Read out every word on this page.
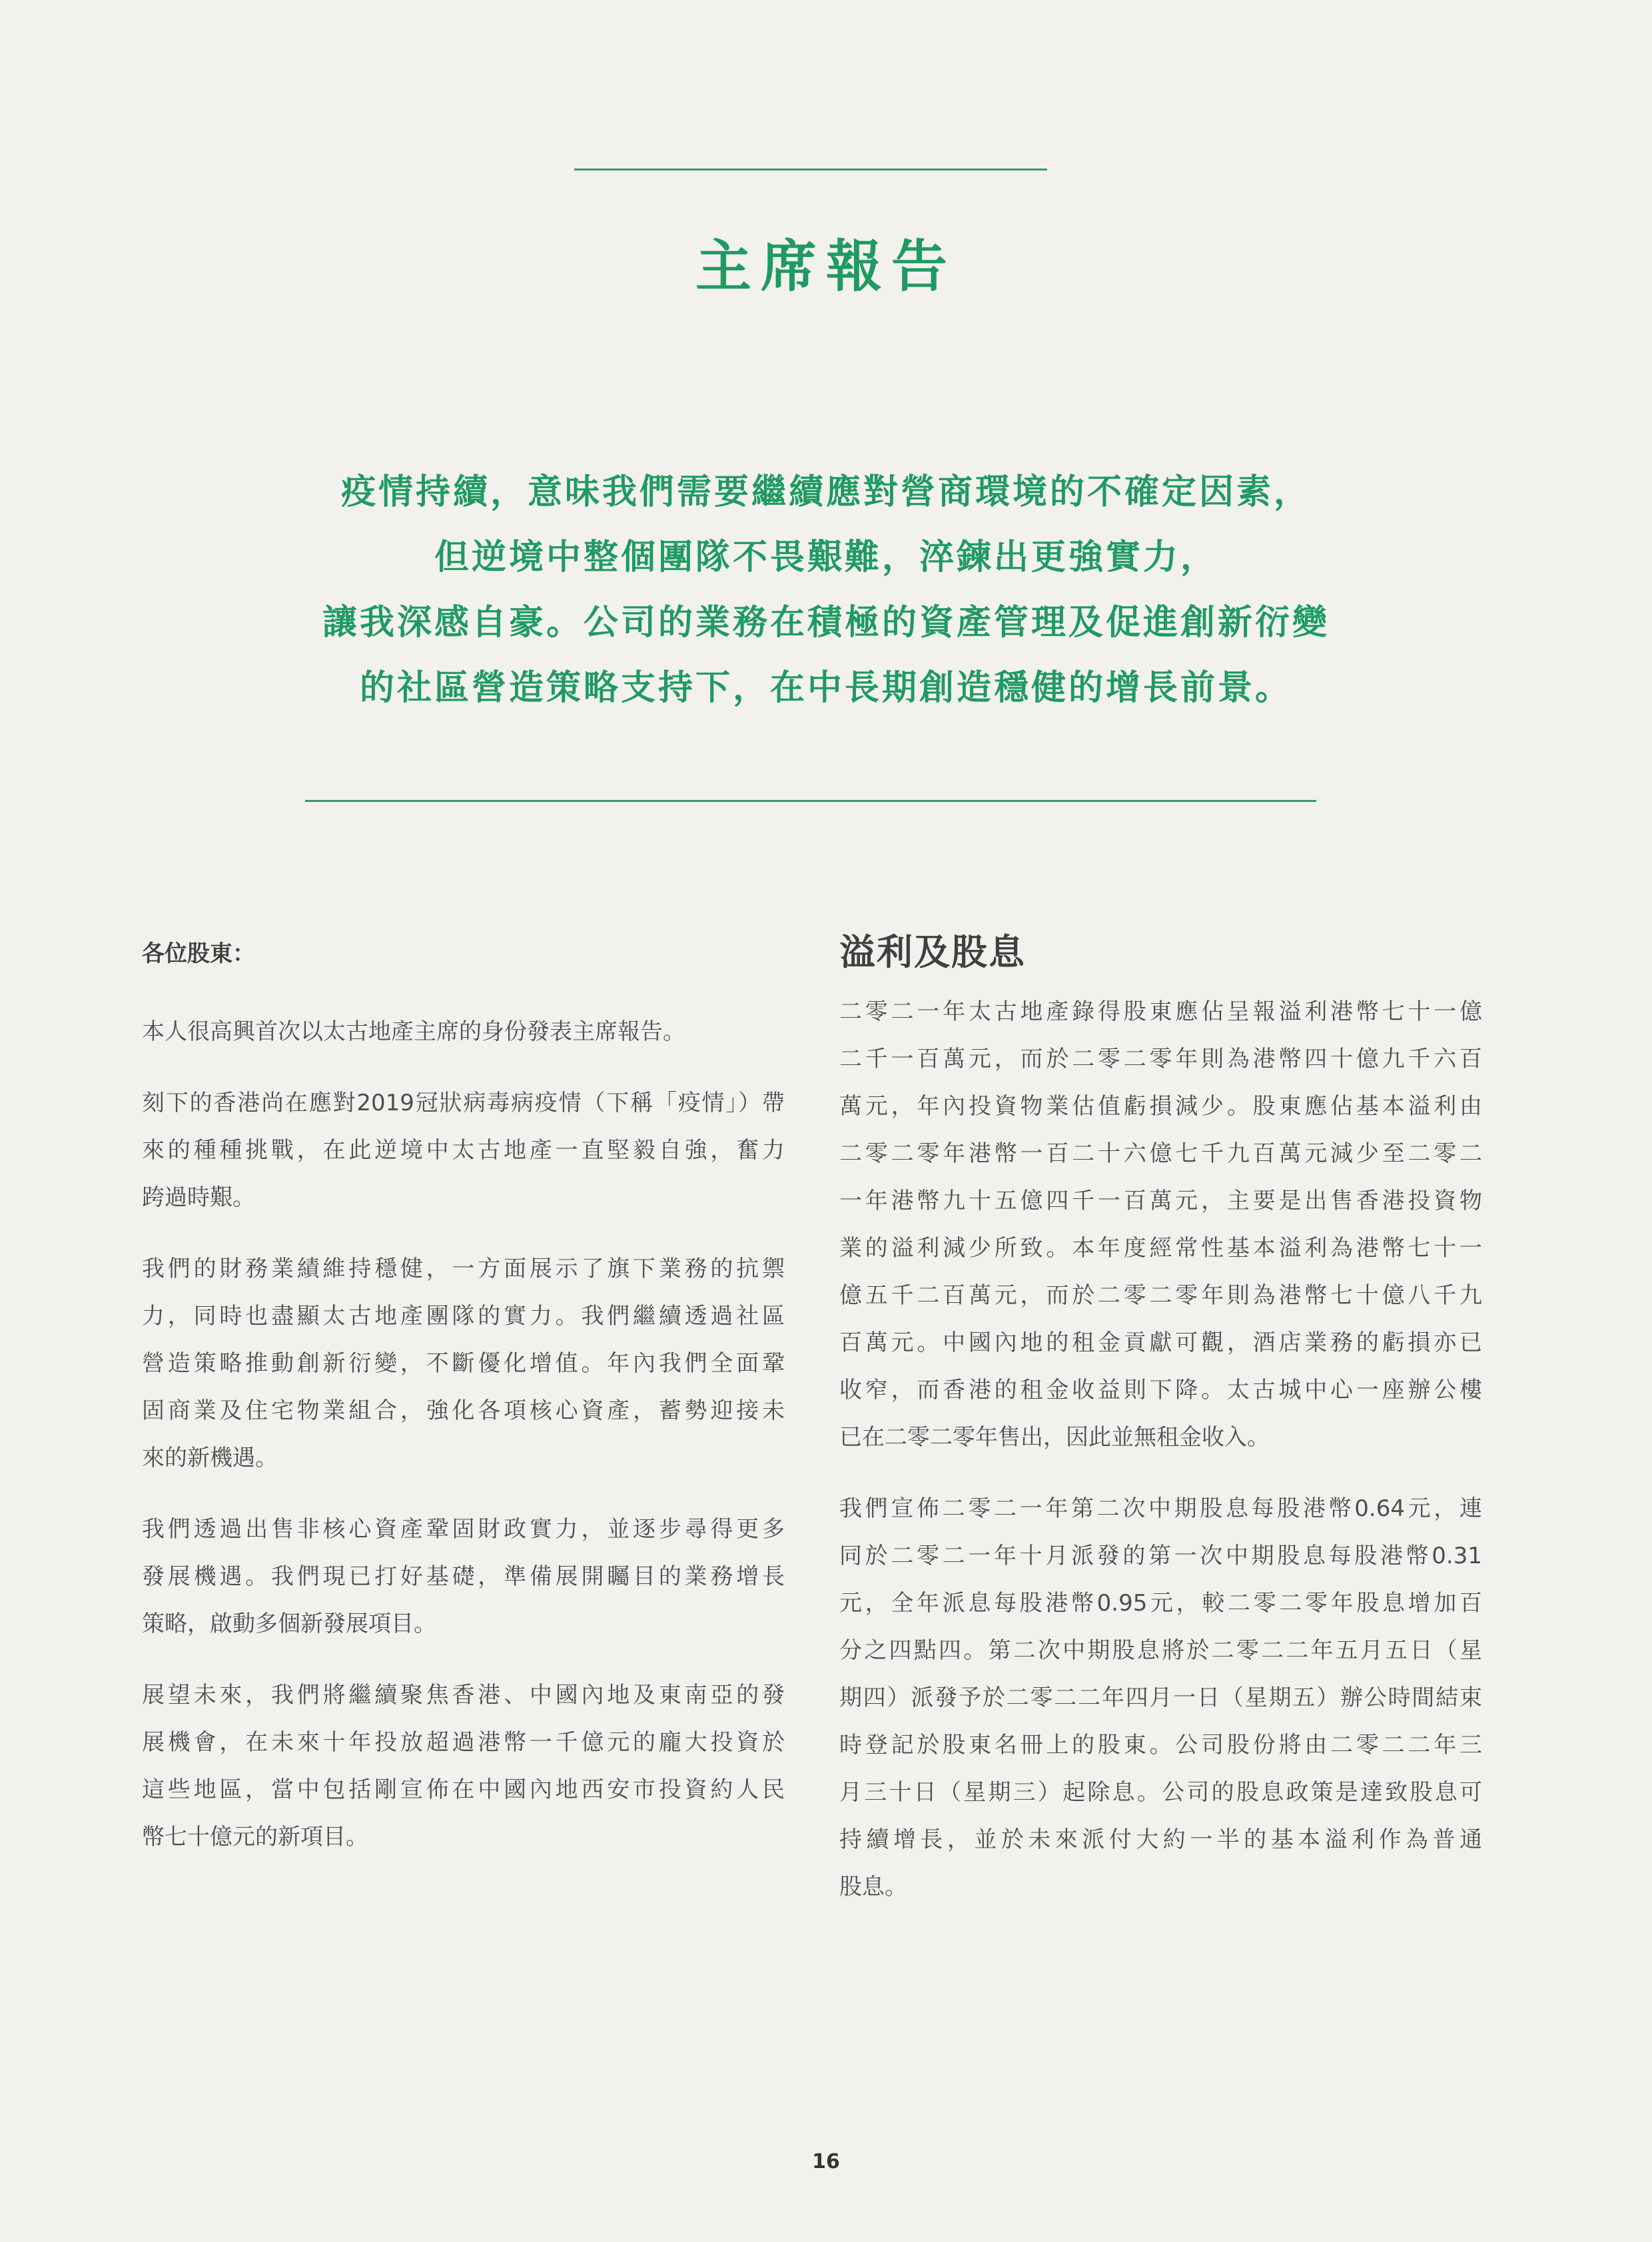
主席報告
疫情持續，意味我們需要繼續應對營商環境的不確定因素，
但逆境中整個團隊不畏艱難，淬鍊出更強實力，
讓我深感自豪。公司的業務在積極的資產管理及促進創新衍變
的社區營造策略支持下，在中長期創造穩健的增長前景。
各位股東：
本人很高興首次以太古地產主席的身份發表主席報告。
刻下的香港尚在應對2019冠狀病毒病疫情（下稱「疫情」）帶
來的種種挑戰，在此逆境中太古地產一直堅毅自強，奮力
跨過時艱。
我們的財務業績維持穩健，一方面展示了旗下業務的抗禦
力，同時也盡顯太古地產團隊的實力。我們繼續透過社區
營造策略推動創新衍變，不斷優化增值。年內我們全面鞏
固商業及住宅物業組合，強化各項核心資產，蓄勢迎接未
來的新機遇。
我們透過出售非核心資產鞏固財政實力，並逐步尋得更多
發展機遇。我們現已打好基礎，準備展開矚目的業務增長
策略，啟動多個新發展項目。
展望未來，我們將繼續聚焦香港、中國內地及東南亞的發
展機會，在未來十年投放超過港幣一千億元的龐大投資於
這些地區，當中包括剛宣佈在中國內地西安市投資約人民
幣七十億元的新項目。
溢利及股息
二零二一年太古地產錄得股東應佔呈報溢利港幣七十一億
二千一百萬元，而於二零二零年則為港幣四十億九千六百
萬元，年內投資物業估值虧損減少。股東應佔基本溢利由
二零二零年港幣一百二十六億七千九百萬元減少至二零二
一年港幣九十五億四千一百萬元，主要是出售香港投資物
業的溢利減少所致。本年度經常性基本溢利為港幣七十一
億五千二百萬元，而於二零二零年則為港幣七十億八千九
百萬元。中國內地的租金貢獻可觀，酒店業務的虧損亦已
收窄，而香港的租金收益則下降。太古城中心一座辦公樓
已在二零二零年售出，因此並無租金收入。
我們宣佈二零二一年第二次中期股息每股港幣0.64元，連
同於二零二一年十月派發的第一次中期股息每股港幣0.31
元，全年派息每股港幣0.95元，較二零二零年股息增加百
分之四點四。第二次中期股息將於二零二二年五月五日（星
期四）派發予於二零二二年四月一日（星期五）辦公時間結束
時登記於股東名冊上的股東。公司股份將由二零二二年三
月三十日（星期三）起除息。公司的股息政策是達致股息可
持續增長，並於未來派付大約一半的基本溢利作為普通
股息。
16
